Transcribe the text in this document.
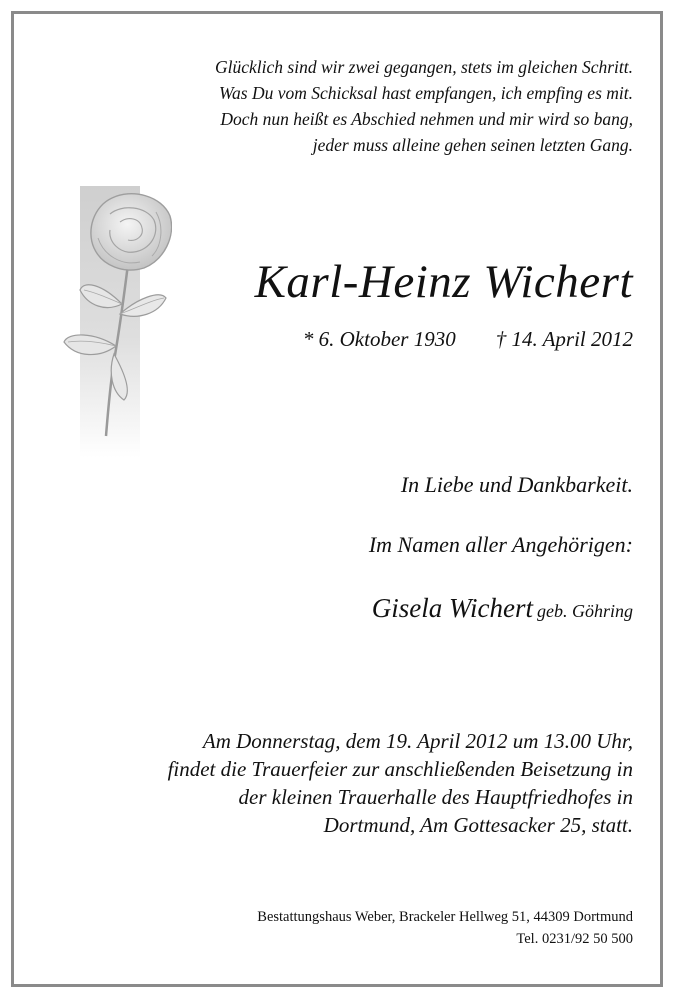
Glücklich sind wir zwei gegangen, stets im gleichen Schritt.
Was Du vom Schicksal hast empfangen, ich empfing es mit.
Doch nun heißt es Abschied nehmen und mir wird so bang,
jeder muss alleine gehen seinen letzten Gang.
Karl-Heinz Wichert
* 6. Oktober 1930 † 14. April 2012
In Liebe und Dankbarkeit.
Im Namen aller Angehörigen:
Gisela Wichert geb. Göhring
Am Donnerstag, dem 19. April 2012 um 13.00 Uhr,
findet die Trauerfeier zur anschließenden Beisetzung in
der kleinen Trauerhalle des Hauptfriedhofes in
Dortmund, Am Gottesacker 25, statt.
Bestattungshaus Weber, Brackeler Hellweg 51, 44309 Dortmund
Tel. 0231/92 50 500
